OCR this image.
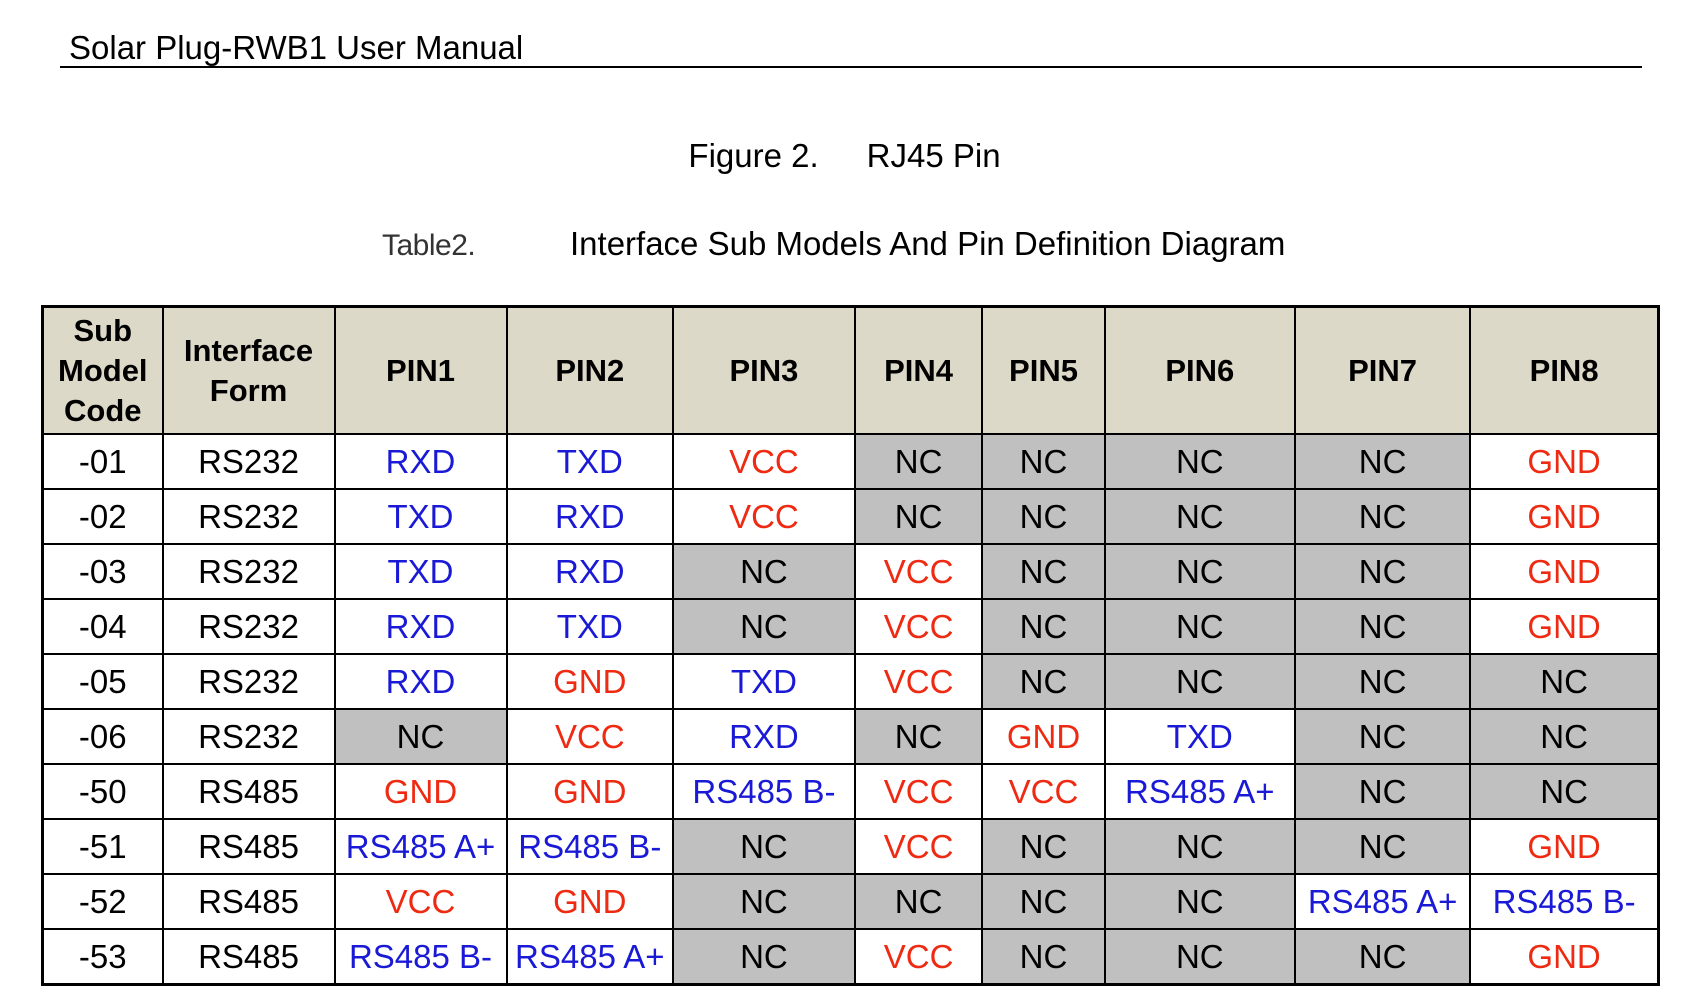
Solar Plug-RWB1 User Manual
Figure 2. RJ45 Pin
Table2.	Interface Sub Models And Pin Definition Diagram
Sub Model Code	Interface Form	PIN1	PIN2	PIN3	PIN4	PIN5	PIN6	PIN7	PIN8
-01	RS232	RXD	TXD	VCC	NC	NC	NC	NC	GND
-02	RS232	TXD	RXD	VCC	NC	NC	NC	NC	GND
-03	RS232	TXD	RXD	NC	VCC	NC	NC	NC	GND
-04	RS232	RXD	TXD	NC	VCC	NC	NC	NC	GND
-05	RS232	RXD	GND	TXD	VCC	NC	NC	NC	NC
-06	RS232	NC	VCC	RXD	NC	GND	TXD	NC	NC
-50	RS485	GND	GND	RS485 B-	VCC	VCC	RS485 A+	NC	NC
-51	RS485	RS485 A+	RS485 B-	NC	VCC	NC	NC	NC	GND
-52	RS485	VCC	GND	NC	NC	NC	NC	RS485 A+	RS485 B-
-53	RS485	RS485 B-	RS485 A+	NC	VCC	NC	NC	NC	GND
